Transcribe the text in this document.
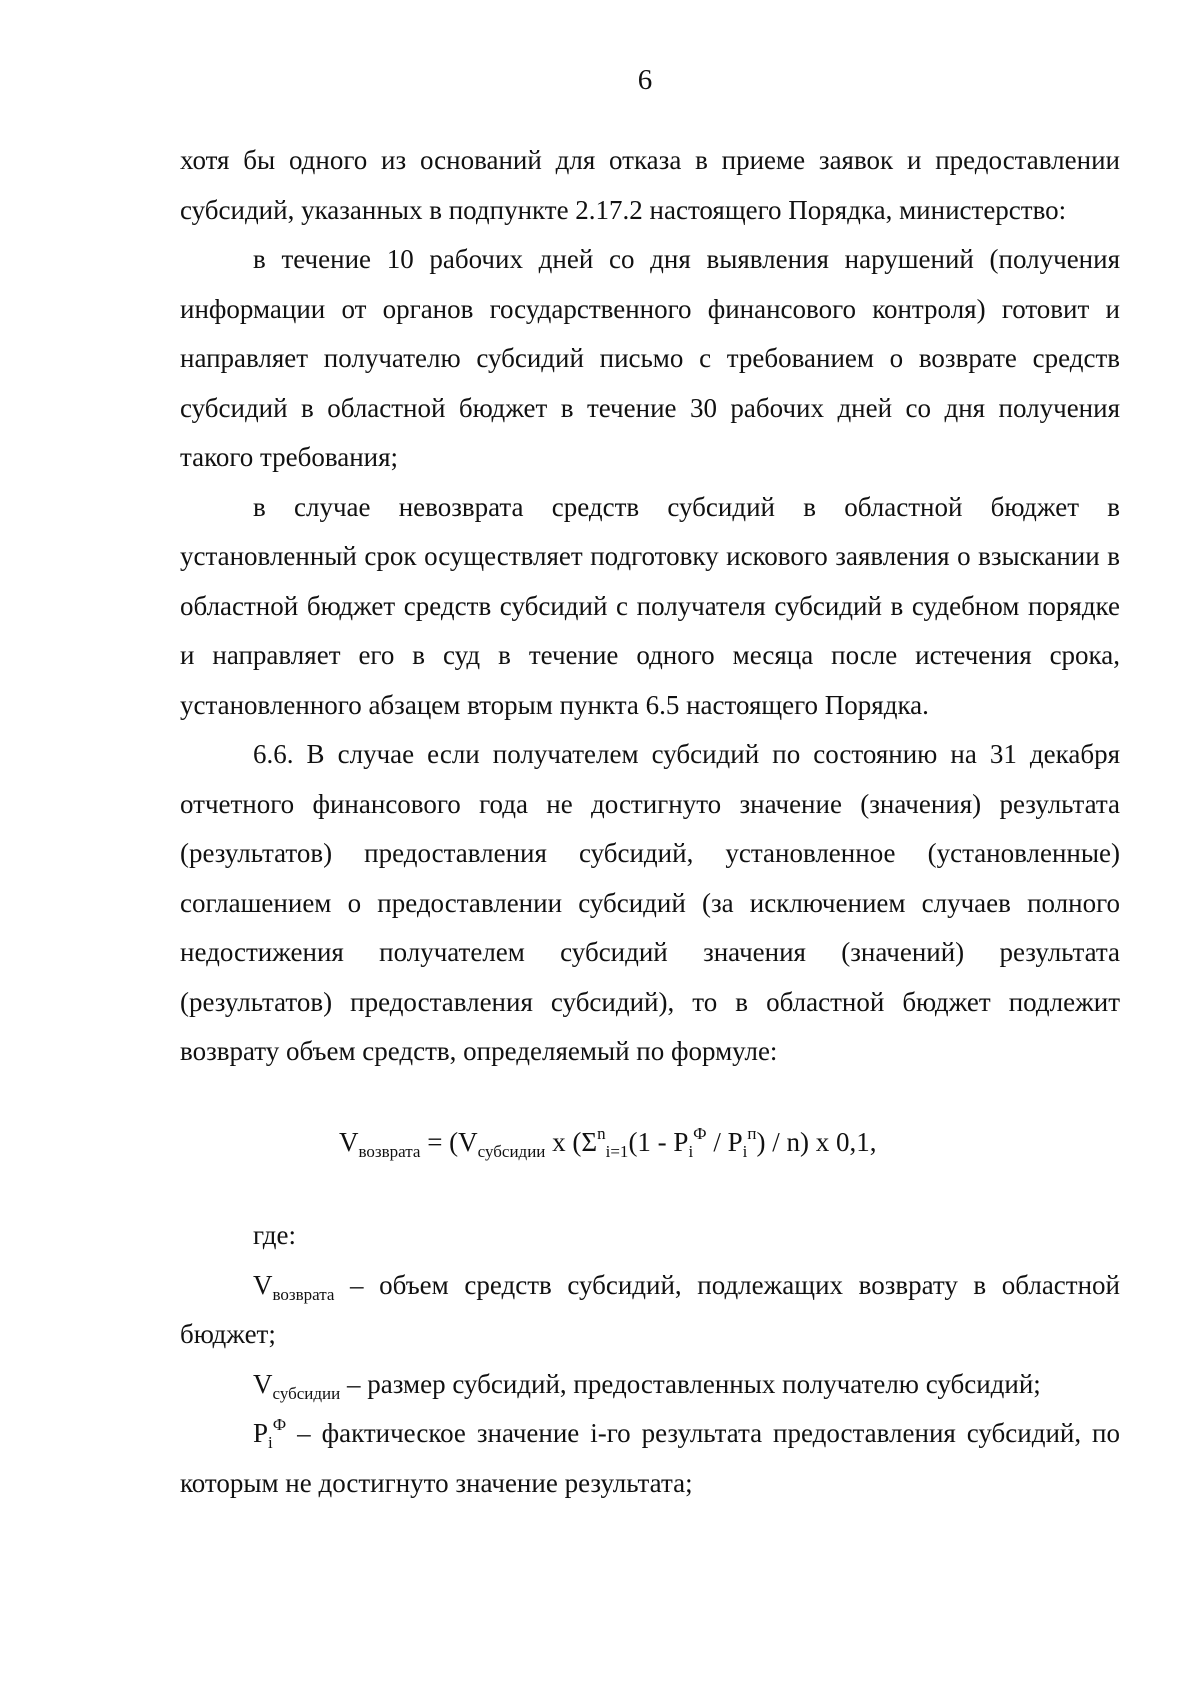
6

хотя бы одного из оснований для отказа в приеме заявок и предоставлении субсидий, указанных в подпункте 2.17.2 настоящего Порядка, министерство:

в течение 10 рабочих дней со дня выявления нарушений (получения информации от органов государственного финансового контроля) готовит и направляет получателю субсидий письмо с требованием о возврате средств субсидий в областной бюджет в течение 30 рабочих дней со дня получения такого требования;

в случае невозврата средств субсидий в областной бюджет в установленный срок осуществляет подготовку искового заявления о взыскании в областной бюджет средств субсидий с получателя субсидий в судебном порядке и направляет его в суд в течение одного месяца после истечения срока, установленного абзацем вторым пункта 6.5 настоящего Порядка.

6.6. В случае если получателем субсидий по состоянию на 31 декабря отчетного финансового года не достигнуто значение (значения) результата (результатов) предоставления субсидий, установленное (установленные) соглашением о предоставлении субсидий (за исключением случаев полного недостижения получателем субсидий значения (значений) результата (результатов) предоставления субсидий), то в областной бюджет подлежит возврату объем средств, определяемый по формуле:

$V_{возврата} = (V_{субсидии}$ x $(\Sigma^n_{i=1}(1 - P_i^Ф / P_i^п) / n)$ x 0,1,

где:

$V_{возврата}$ – объем средств субсидий, подлежащих возврату в областной бюджет;

$V_{субсидии}$ – размер субсидий, предоставленных получателю субсидий;

$P_i^Ф$ – фактическое значение i-го результата предоставления субсидий, по которым не достигнуто значение результата;
